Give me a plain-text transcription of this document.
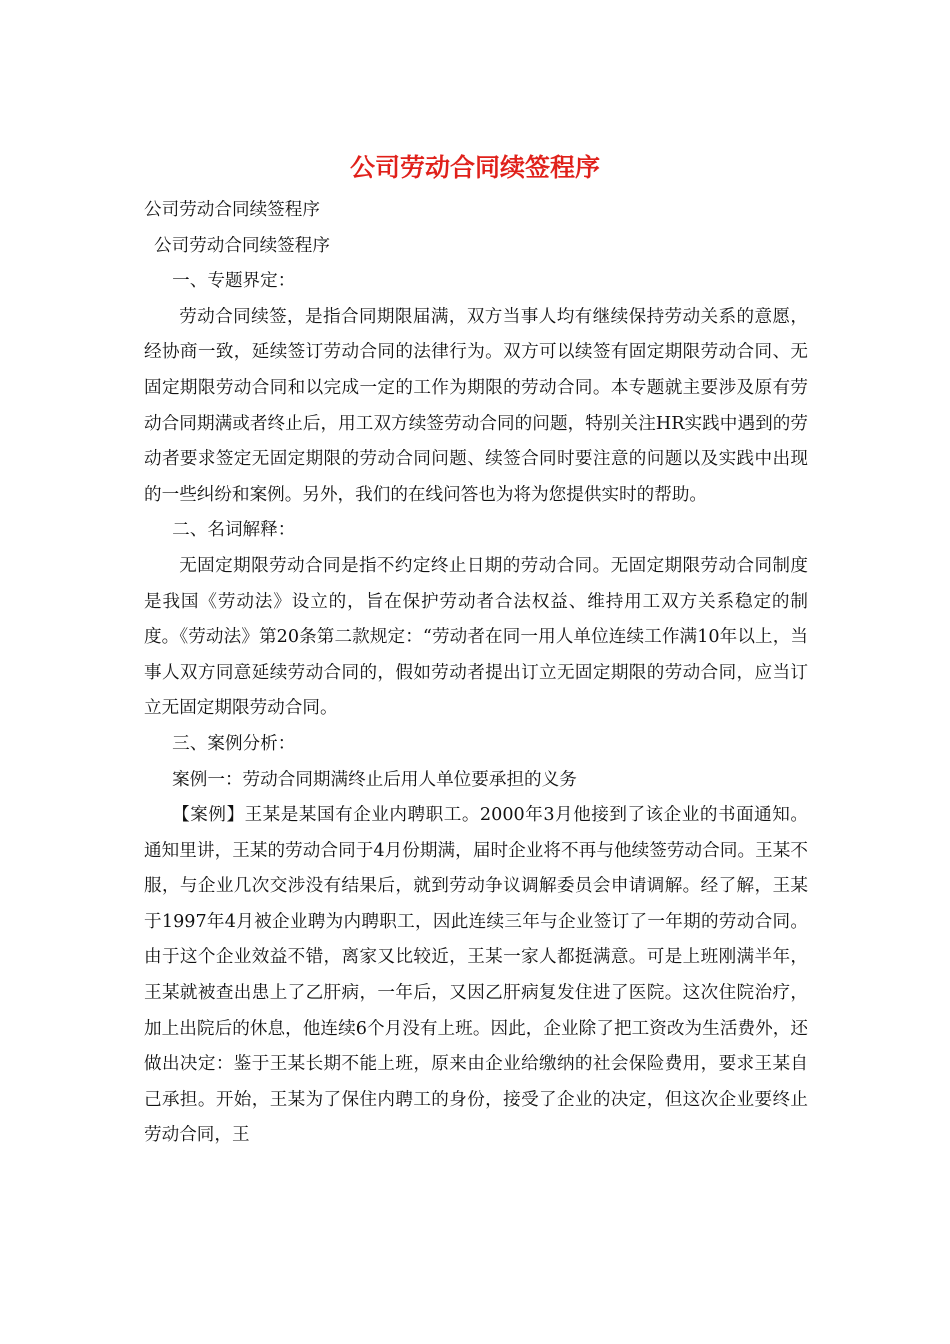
公司劳动合同续签程序

公司劳动合同续签程序

公司劳动合同续签程序

一、专题界定：

劳动合同续签，是指合同期限届满，双方当事人均有继续保持劳动关系的意愿，经协商一致，延续签订劳动合同的法律行为。双方可以续签有固定期限劳动合同、无固定期限劳动合同和以完成一定的工作为期限的劳动合同。本专题就主要涉及原有劳动合同期满或者终止后，用工双方续签劳动合同的问题，特别关注HR实践中遇到的劳动者要求签定无固定期限的劳动合同问题、续签合同时要注意的问题以及实践中出现的一些纠纷和案例。另外，我们的在线问答也为将为您提供实时的帮助。

二、名词解释：

无固定期限劳动合同是指不约定终止日期的劳动合同。无固定期限劳动合同制度是我国《劳动法》设立的，旨在保护劳动者合法权益、维持用工双方关系稳定的制度。《劳动法》第20条第二款规定：“劳动者在同一用人单位连续工作满10年以上，当事人双方同意延续劳动合同的，假如劳动者提出订立无固定期限的劳动合同，应当订立无固定期限劳动合同。

三、案例分析：

案例一：劳动合同期满终止后用人单位要承担的义务

【案例】王某是某国有企业内聘职工。2000年3月他接到了该企业的书面通知。通知里讲，王某的劳动合同于4月份期满，届时企业将不再与他续签劳动合同。王某不服，与企业几次交涉没有结果后，就到劳动争议调解委员会申请调解。经了解，王某于1997年4月被企业聘为内聘职工，因此连续三年与企业签订了一年期的劳动合同。由于这个企业效益不错，离家又比较近，王某一家人都挺满意。可是上班刚满半年，王某就被查出患上了乙肝病，一年后，又因乙肝病复发住进了医院。这次住院治疗，加上出院后的休息，他连续6个月没有上班。因此，企业除了把工资改为生活费外，还做出决定：鉴于王某长期不能上班，原来由企业给缴纳的社会保险费用，要求王某自己承担。开始，王某为了保住内聘工的身份，接受了企业的决定，但这次企业要终止劳动合同，王
